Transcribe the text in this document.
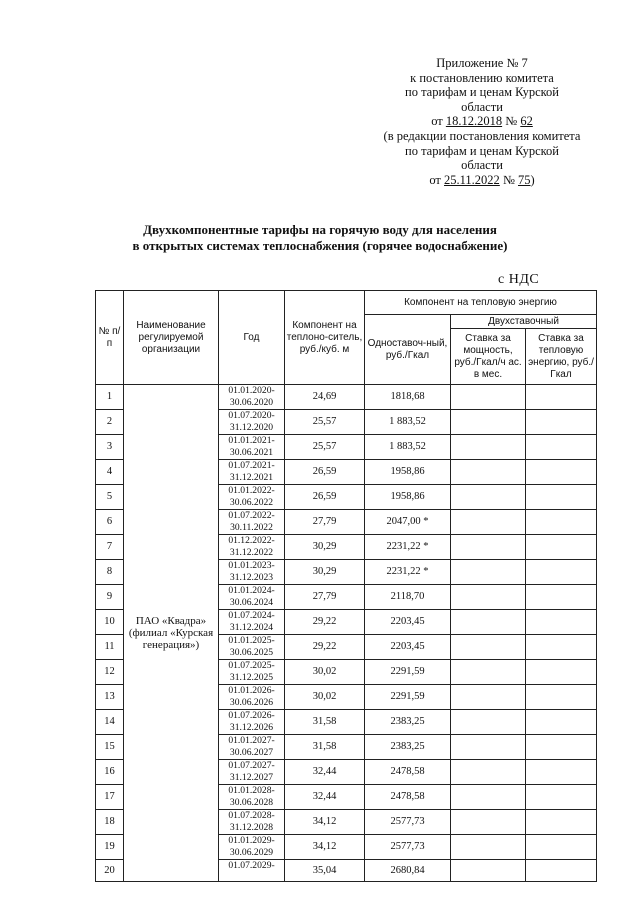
Приложение № 7
к постановлению комитета
по тарифам и ценам Курской
области
от 18.12.2018 № 62
(в редакции постановления комитета
по тарифам и ценам Курской
области
от 25.11.2022 № 75)
Двухкомпонентные тарифы на горячую воду для населения
в открытых системах теплоснабжения (горячее водоснабжение)
с НДС
№ п/п	Наименование регулируемой организации	Год	Компонент на теплоно-ситель, руб./куб. м	Компонент на тепловую энергию		
				Одноставоч-ный, руб./Гкал	Двухставочный	
					Ставка за мощность, руб./Гкал/ч ас. в мес.	Ставка за тепловую энергию, руб./Гкал
1	ПАО «Квадра» (филиал «Курская генерация»)	01.01.2020-
30.06.2020	24,69	1818,68		
2		01.07.2020-
31.12.2020	25,57	1 883,52		
3		01.01.2021-
30.06.2021	25,57	1 883,52		
4		01.07.2021-
31.12.2021	26,59	1958,86		
5		01.01.2022-
30.06.2022	26,59	1958,86		
6		01.07.2022-
30.11.2022	27,79	2047,00 *		
7		01.12.2022-
31.12.2022	30,29	2231,22 *		
8		01.01.2023-
31.12.2023	30,29	2231,22 *		
9		01.01.2024-
30.06.2024	27,79	2118,70		
10		01.07.2024-
31.12.2024	29,22	2203,45		
11		01.01.2025-
30.06.2025	29,22	2203,45		
12		01.07.2025-
31.12.2025	30,02	2291,59		
13		01.01.2026-
30.06.2026	30,02	2291,59		
14		01.07.2026-
31.12.2026	31,58	2383,25		
15		01.01.2027-
30.06.2027	31,58	2383,25		
16		01.07.2027-
31.12.2027	32,44	2478,58		
17		01.01.2028-
30.06.2028	32,44	2478,58		
18		01.07.2028-
31.12.2028	34,12	2577,73		
19		01.01.2029-
30.06.2029	34,12	2577,73		
20		01.07.2029-	35,04	2680,84		
